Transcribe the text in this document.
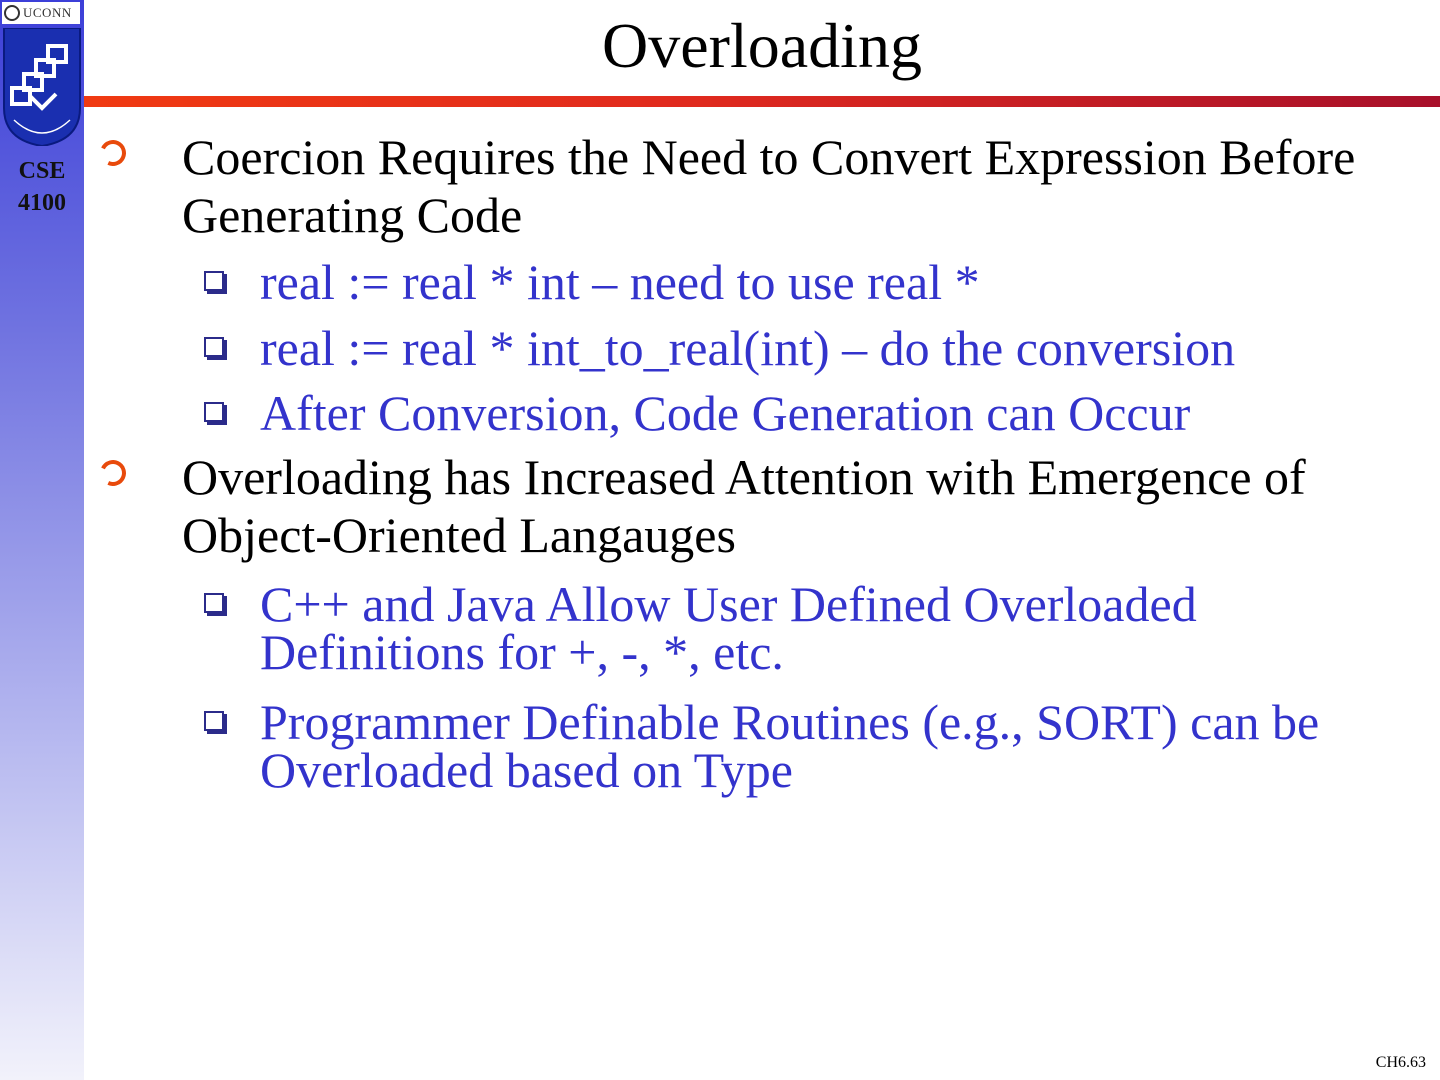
UCONN
CSE
4100
Overloading
Coercion Requires the Need to Convert Expression Before Generating Code
real := real * int – need to use real *
real := real * int_to_real(int) – do the conversion
After Conversion, Code Generation can Occur
Overloading has Increased Attention with Emergence of Object-Oriented Langauges
C++ and Java Allow User Defined Overloaded Definitions for +, -, *, etc.
Programmer Definable Routines (e.g., SORT) can be Overloaded based on Type
CH6.63
